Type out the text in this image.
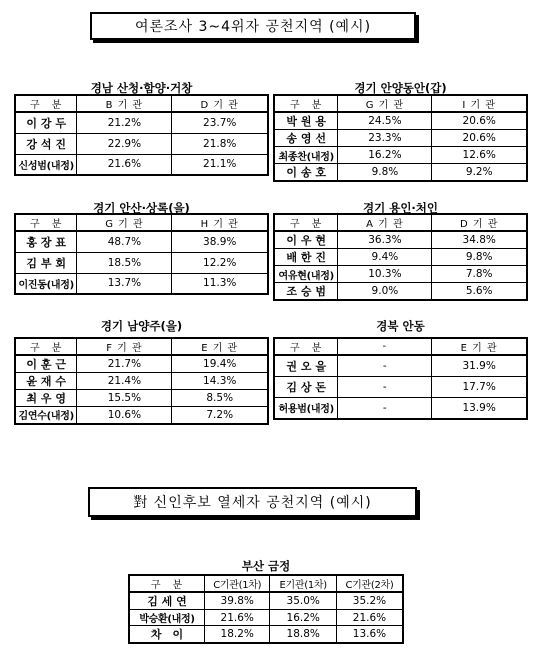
여론조사 3~4위자 공천지역 (예시)
경남 산청·함양·거창
구　분	B 기 관	D 기 관
이 강 두	21.2%	23.7%
강 석 진	22.9%	21.8%
신성범(내정)	21.6%	21.1%
경기 안양동안(갑)
구　분	G 기 관	I 기 관
박 원 용	24.5%	20.6%
송 영 선	23.3%	20.6%
최종찬(내정)	16.2%	12.6%
이 송 호	9.8%	9.2%
경기 안산·상록(을)
구　분	G 기 관	H 기 관
홍 장 표	48.7%	38.9%
김 부 회	18.5%	12.2%
이진동(내정)	13.7%	11.3%
경기 용인·처인
구　분	A 기 관	D 기 관
이 우 현	36.3%	34.8%
배 한 진	9.4%	9.8%
여유현(내정)	10.3%	7.8%
조 승 범	9.0%	5.6%
경기 남양주(을)
구　분	F 기 관	E 기 관
이 훈 근	21.7%	19.4%
윤 재 수	21.4%	14.3%
최 우 영	15.5%	8.5%
김연수(내정)	10.6%	7.2%
경북 안동
구　분	-	E 기 관
권 오 을	-	31.9%
김 상 돈	-	17.7%
허용범(내정)	-	13.9%
對 신인후보 열세자 공천지역 (예시)
부산 금정
구　분	C기관(1차)	E기관(1차)	C기관(2차)
김 세 연	39.8%	35.0%	35.2%
박승환(내정)	21.6%	16.2%	21.6%
차　이	18.2%	18.8%	13.6%
